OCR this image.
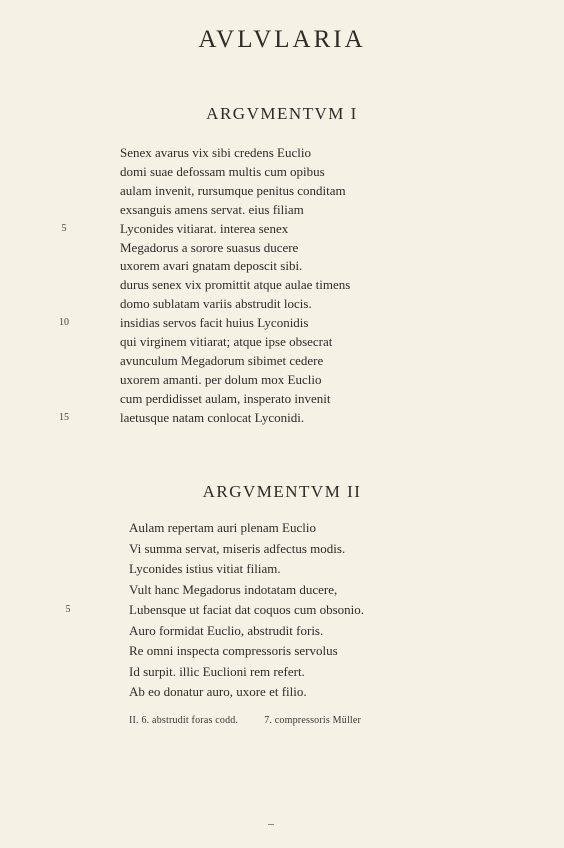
AVLVLARIA
ARGVMENTVM I
Senex avarus vix sibi credens Euclio
domi suae defossam multis cum opibus
aulam invenit, rursumque penitus conditam
exsanguis amens servat. eius filiam
Lyconides vitiarat. interea senex
Megadorus a sorore suasus ducere
uxorem avari gnatam deposcit sibi.
durus senex vix promittit atque aulae timens
domo sublatam variis abstrudit locis.
insidias servos facit huius Lyconidis
qui virginem vitiarat; atque ipse obsecrat
avunculum Megadorum sibimet cedere
uxorem amanti. per dolum mox Euclio
cum perdidisset aulam, insperato invenit
laetusque natam conlocat Lyconidi.
5
10
15
ARGVMENTVM II
Aulam repertam auri plenam Euclio
Vi summa servat, miseris adfectus modis.
Lyconides istius vitiat filiam.
Vult hanc Megadorus indotatam ducere,
Lubensque ut faciat dat coquos cum obsonio.
Auro formidat Euclio, abstrudit foris.
Re omni inspecta compressoris servolus
Id surpit. illic Euclioni rem refert.
Ab eo donatur auro, uxore et filio.
5
II. 6. abstrudit foras codd.	7. compressoris Müller
